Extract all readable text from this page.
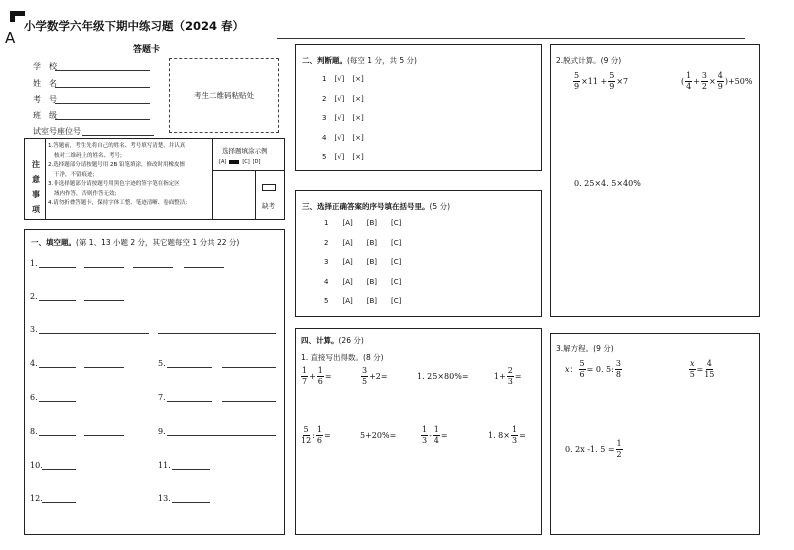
A
小学数学六年级下期中练习题（2024 春）
答题卡
学　校
姓　名
考　号
班　级
试室号座位号
考生二维码粘贴处
注
意
事
项
1.答题前，考生先将自己的姓名、考号填写清楚，并认真
核对二维码上的姓名、考号;
2.选择题部分请按题号用 2B 铅笔填涂，修改时用橡皮擦
干净，不留痕迹;
3.非选择题部分请按题号用黑色字迹的签字笔在指定区
域内作答，否则作答无效;
4.请勿折叠答题卡，保持字体工整、笔迹清晰、卷面整洁;
选择题填涂示例
[A]	[C] [D]
缺考
一、填空题。 (第 1、13 小题 2 分，其它题每空 1 分共 22 分)
1.
2.
3.
4.	5.
6.	7.
8.	9.
10.	11.
12.	13.
二、判断题。 (每空 1 分，共 5 分)
1 [√] [×]
2 [√] [×]
3 [√] [×]
4 [√] [×]
5 [√] [×]
三、选择正确答案的序号填在括号里。 (5 分)
1 [A] [B] [C]
2 [A] [B] [C]
3 [A] [B] [C]
4 [A] [B] [C]
5 [A] [B] [C]
四、计算。 (26 分)
1. 直接写出得数。(8 分)
$\frac{1}{7} + \frac{1}{6}$ =	$\frac{3}{5} +2=$	1. 25×80%=	$1+ \frac{2}{3}$ =
$\frac{5}{12}$ : $\frac{1}{6}$ =	5+20%=	$\frac{1}{3} - \frac{1}{4}$ =	1. $8\times \frac{1}{3}$ =
2.脱式计算。(9 分)
$\frac{5}{9} \times 11 + \frac{5}{9} \times 7$	( $\frac{1}{4} + \frac{3}{2} \times \frac{4}{9}$ ) +50%
0. 25×4. 5×40%
3.解方程。(9 分)
x ： $\frac{5}{6} = 0$. 5: $\frac{3}{8}$	$\frac{x}{5} = \frac{4}{15}$
0. 2x -1. $5 = \frac{1}{2}$
